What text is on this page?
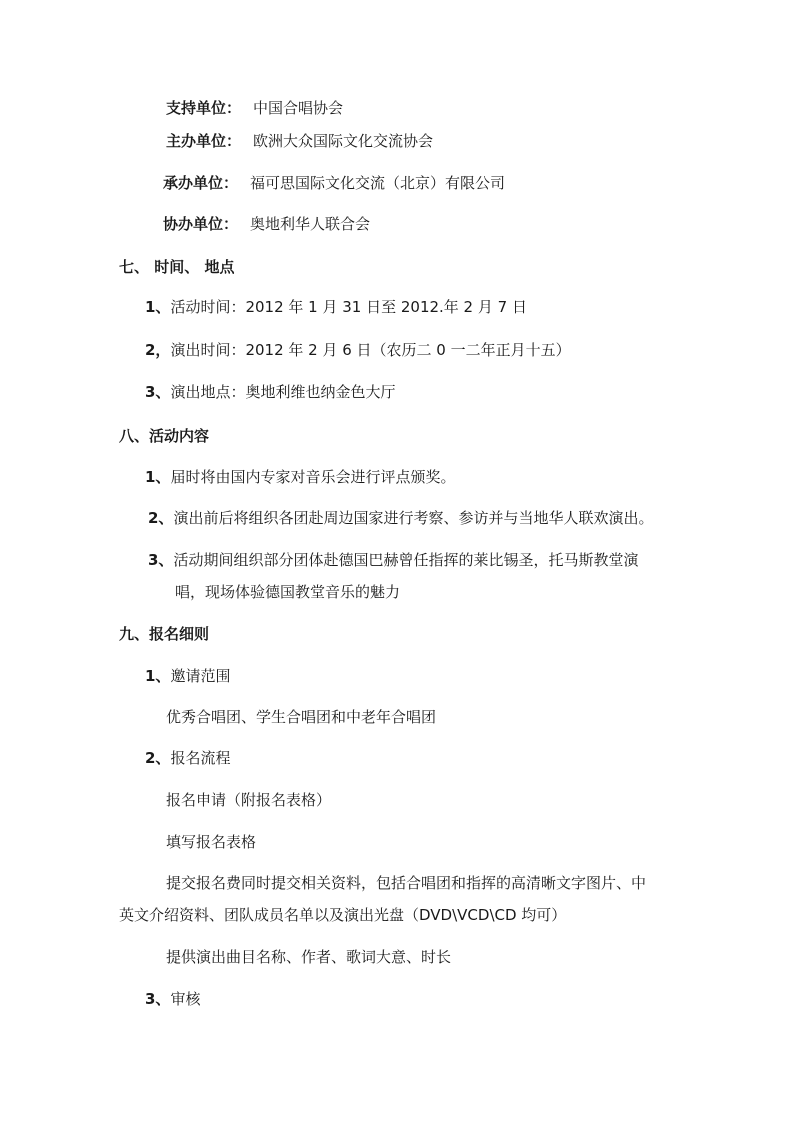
支持单位： 中国合唱协会
主办单位： 欧洲大众国际文化交流协会
承办单位： 福可思国际文化交流（北京）有限公司
协办单位： 奥地利华人联合会
七、 时间、 地点
1、活动时间：2012 年 1 月 31 日至 2012.年 2 月 7 日
2，演出时间：2012 年 2 月 6 日（农历二 0 一二年正月十五）
3、演出地点：奥地利维也纳金色大厅
八、活动内容
1、届时将由国内专家对音乐会进行评点颁奖。
2、演出前后将组织各团赴周边国家进行考察、参访并与当地华人联欢演出。
3、活动期间组织部分团体赴德国巴赫曾任指挥的莱比锡圣，托马斯教堂演
唱，现场体验德国教堂音乐的魅力
九、报名细则
1、邀请范围
优秀合唱团、学生合唱团和中老年合唱团
2、报名流程
报名申请（附报名表格）
填写报名表格
提交报名费同时提交相关资料，包括合唱团和指挥的高清晰文字图片、中
英文介绍资料、团队成员名单以及演出光盘（DVD\VCD\CD 均可）
提供演出曲目名称、作者、歌词大意、时长
3、审核
